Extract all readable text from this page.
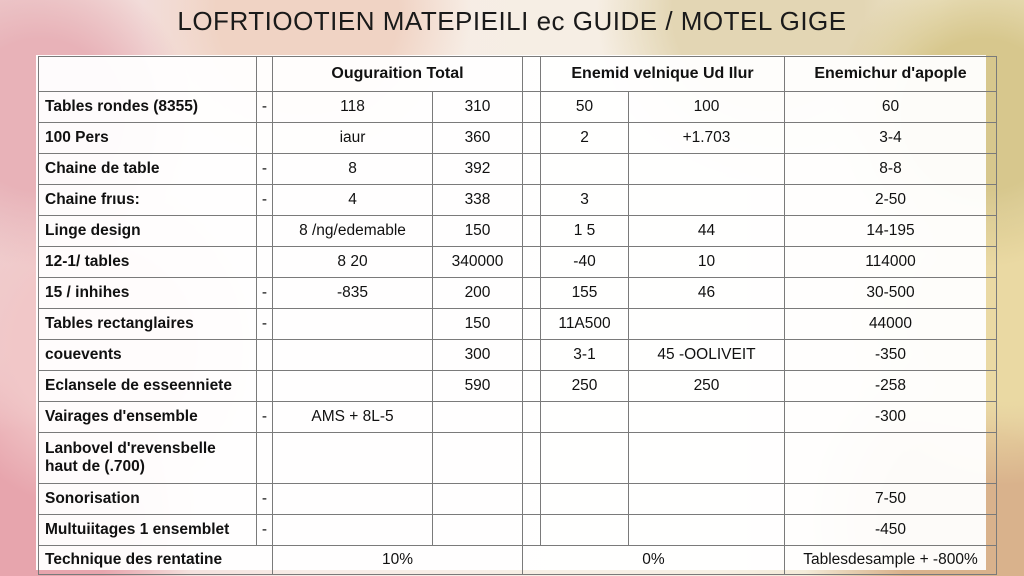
LOFRTIOOTIEN MATEPIEILI ec GUIDE / MOTEL GIGE
		Ouguraition Total			Enemid velnique Ud Ilur		Enemichur d'apople
Tables rondes (8355)	-	118	310		50	100	60
100 Pers		iaur	360		2	+1.703	3-4
Chaine de table	-	8	392				8-8
Chaine frıus:	-	4	338		3		2-50
Linge design		8 /ng/edemable	150		1 5	44	14-195
12-1/ tables		8 20	340000		-40	10	114000
15 / inhihes	-	-835	200		155	46	30-500
Tables rectanglaires	-		150		11A500		44000
couevents			300		3-1	45 -OOLIVEIT	-350
Eclansele de esseenniete			590		250	250	-258
Vairages d'ensemble	-	AMS + 8L-5					-300
Lanbovel d'revensbelle haut de (.700)							
Sonorisation	-						7-50
Multuiitages 1 ensemblet	-						-450
Technique des rentatine		10%		0%			Tablesdesample + -800%
